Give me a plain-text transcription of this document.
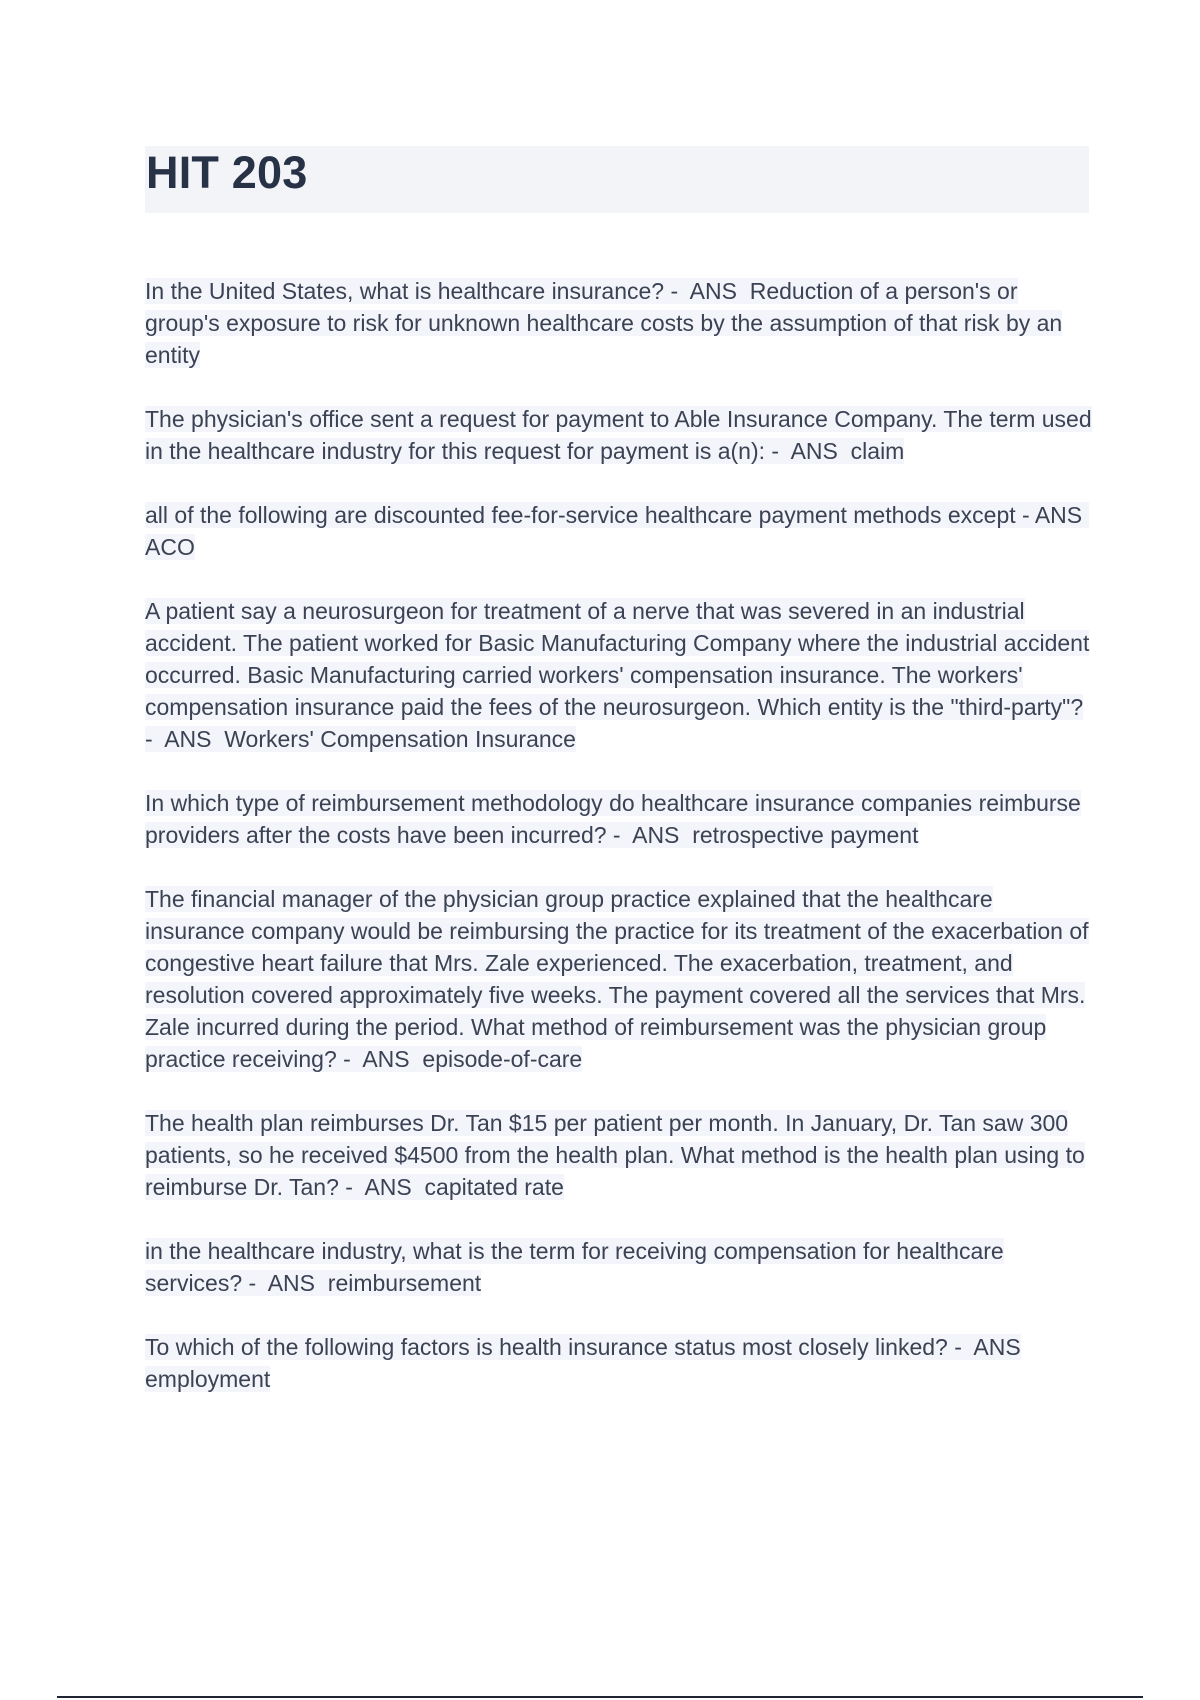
HIT 203

In the United States, what is healthcare insurance? - ANS Reduction of a person's or group's exposure to risk for unknown healthcare costs by the assumption of that risk by an entity

The physician's office sent a request for payment to Able Insurance Company. The term used in the healthcare industry for this request for payment is a(n): - ANS claim

all of the following are discounted fee-for-service healthcare payment methods except - ANS  ACO

A patient say a neurosurgeon for treatment of a nerve that was severed in an industrial accident. The patient worked for Basic Manufacturing Company where the industrial accident occurred. Basic Manufacturing carried workers' compensation insurance. The workers' compensation insurance paid the fees of the neurosurgeon. Which entity is the "third-party"? - ANS Workers' Compensation Insurance

In which type of reimbursement methodology do healthcare insurance companies reimburse providers after the costs have been incurred? - ANS retrospective payment

The financial manager of the physician group practice explained that the healthcare insurance company would be reimbursing the practice for its treatment of the exacerbation of congestive heart failure that Mrs. Zale experienced. The exacerbation, treatment, and resolution covered approximately five weeks. The payment covered all the services that Mrs. Zale incurred during the period. What method of reimbursement was the physician group practice receiving? - ANS episode-of-care

The health plan reimburses Dr. Tan $15 per patient per month. In January, Dr. Tan saw 300 patients, so he received $4500 from the health plan. What method is the health plan using to reimburse Dr. Tan? - ANS capitated rate

in the healthcare industry, what is the term for receiving compensation for healthcare services? - ANS reimbursement

To which of the following factors is health insurance status most closely linked? - ANS employment
